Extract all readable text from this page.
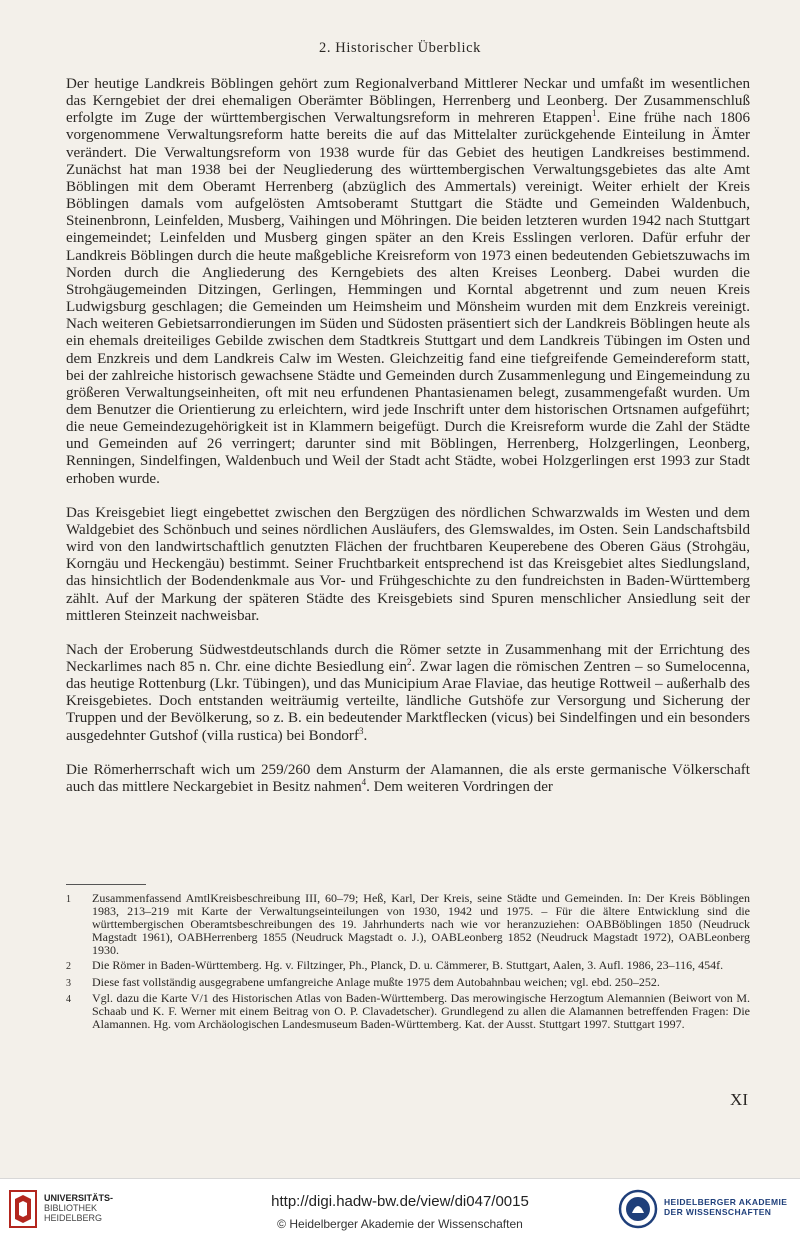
2. Historischer Überblick

Der heutige Landkreis Böblingen gehört zum Regionalverband Mittlerer Neckar und umfaßt im wesentlichen das Kerngebiet der drei ehemaligen Oberämter Böblingen, Herrenberg und Leonberg. Der Zusammenschluß erfolgte im Zuge der württembergischen Verwaltungsreform in mehreren Etappen$^1$. Eine frühe nach 1806 vorgenommene Verwaltungsreform hatte bereits die auf das Mittelalter zurückgehende Einteilung in Ämter verändert. Die Verwaltungsreform von 1938 wurde für das Gebiet des heutigen Landkreises bestimmend. Zunächst hat man 1938 bei der Neugliederung des württembergischen Verwaltungsgebietes das alte Amt Böblingen mit dem Oberamt Herrenberg (abzüglich des Ammertals) vereinigt. Weiter erhielt der Kreis Böblingen damals vom aufgelösten Amtsoberamt Stuttgart die Städte und Gemeinden Waldenbuch, Steinenbronn, Leinfelden, Musberg, Vaihingen und Möhringen. Die beiden letzteren wurden 1942 nach Stuttgart eingemeindet; Leinfelden und Musberg gingen später an den Kreis Esslingen verloren. Dafür erfuhr der Landkreis Böblingen durch die heute maßgebliche Kreisreform von 1973 einen bedeutenden Gebietszuwachs im Norden durch die Angliederung des Kerngebiets des alten Kreises Leonberg. Dabei wurden die Strohgäugemeinden Ditzingen, Gerlingen, Hemmingen und Korntal abgetrennt und zum neuen Kreis Ludwigsburg geschlagen; die Gemeinden um Heimsheim und Mönsheim wurden mit dem Enzkreis vereinigt. Nach weiteren Gebietsarrondierungen im Süden und Südosten präsentiert sich der Landkreis Böblingen heute als ein ehemals dreiteiliges Gebilde zwischen dem Stadtkreis Stuttgart und dem Landkreis Tübingen im Osten und dem Enzkreis und dem Landkreis Calw im Westen. Gleichzeitig fand eine tiefgreifende Gemeindereform statt, bei der zahlreiche historisch gewachsene Städte und Gemeinden durch Zusammenlegung und Eingemeindung zu größeren Verwaltungseinheiten, oft mit neu erfundenen Phantasienamen belegt, zusammengefaßt wurden. Um dem Benutzer die Orientierung zu erleichtern, wird jede Inschrift unter dem historischen Ortsnamen aufgeführt; die neue Gemeindezugehörigkeit ist in Klammern beigefügt. Durch die Kreisreform wurde die Zahl der Städte und Gemeinden auf 26 verringert; darunter sind mit Böblingen, Herrenberg, Holzgerlingen, Leonberg, Renningen, Sindelfingen, Waldenbuch und Weil der Stadt acht Städte, wobei Holzgerlingen erst 1993 zur Stadt erhoben wurde.

Das Kreisgebiet liegt eingebettet zwischen den Bergzügen des nördlichen Schwarzwalds im Westen und dem Waldgebiet des Schönbuch und seines nördlichen Ausläufers, des Glemswaldes, im Osten. Sein Landschaftsbild wird von den landwirtschaftlich genutzten Flächen der fruchtbaren Keuperebene des Oberen Gäus (Strohgäu, Korngäu und Heckengäu) bestimmt. Seiner Fruchtbarkeit entsprechend ist das Kreisgebiet altes Siedlungsland, das hinsichtlich der Bodendenkmale aus Vor- und Frühgeschichte zu den fundreichsten in Baden-Württemberg zählt. Auf der Markung der späteren Städte des Kreisgebiets sind Spuren menschlicher Ansiedlung seit der mittleren Steinzeit nachweisbar.

Nach der Eroberung Südwestdeutschlands durch die Römer setzte in Zusammenhang mit der Errichtung des Neckarlimes nach 85 n. Chr. eine dichte Besiedlung ein$^2$. Zwar lagen die römischen Zentren – so Sumelocenna, das heutige Rottenburg (Lkr. Tübingen), und das Municipium Arae Flaviae, das heutige Rottweil – außerhalb des Kreisgebietes. Doch entstanden weiträumig verteilte, ländliche Gutshöfe zur Versorgung und Sicherung der Truppen und der Bevölkerung, so z. B. ein bedeutender Marktflecken (vicus) bei Sindelfingen und ein besonders ausgedehnter Gutshof (villa rustica) bei Bondorf$^3$.

Die Römerherrschaft wich um 259/260 dem Ansturm der Alamannen, die als erste germanische Völkerschaft auch das mittlere Neckargebiet in Besitz nahmen$^4$. Dem weiteren Vordringen der

1	Zusammenfassend AmtlKreisbeschreibung III, 60–79; Heß, Karl, Der Kreis, seine Städte und Gemeinden. In: Der Kreis Böblingen 1983, 213–219 mit Karte der Verwaltungseinteilungen von 1930, 1942 und 1975. – Für die ältere Entwicklung sind die württembergischen Oberamtsbeschreibungen des 19. Jahrhunderts nach wie vor heranzuziehen: OABBöblingen 1850 (Neudruck Magstadt 1961), OABHerrenberg 1855 (Neudruck Magstadt o. J.), OABLeonberg 1852 (Neudruck Magstadt 1972), OABLeonberg 1930.
2	Die Römer in Baden-Württemberg. Hg. v. Filtzinger, Ph., Planck, D. u. Cämmerer, B. Stuttgart, Aalen, 3. Aufl. 1986, 23–116, 454f.
3	Diese fast vollständig ausgegrabene umfangreiche Anlage mußte 1975 dem Autobahnbau weichen; vgl. ebd. 250–252.
4	Vgl. dazu die Karte V/1 des Historischen Atlas von Baden-Württemberg. Das merowingische Herzogtum Alemannien (Beiwort von M. Schaab und K. F. Werner mit einem Beitrag von O. P. Clavadetscher). Grundlegend zu allen die Alamannen betreffenden Fragen: Die Alamannen. Hg. vom Archäologischen Landesmuseum Baden-Württemberg. Kat. der Ausst. Stuttgart 1997. Stuttgart 1997.
XI
UNIVERSITÄTS-
BIBLIOTHEK
HEIDELBERG
http://digi.hadw-bw.de/view/di047/0015
© Heidelberger Akademie der Wissenschaften
HEIDELBERGER AKADEMIE
DER WISSENSCHAFTEN
